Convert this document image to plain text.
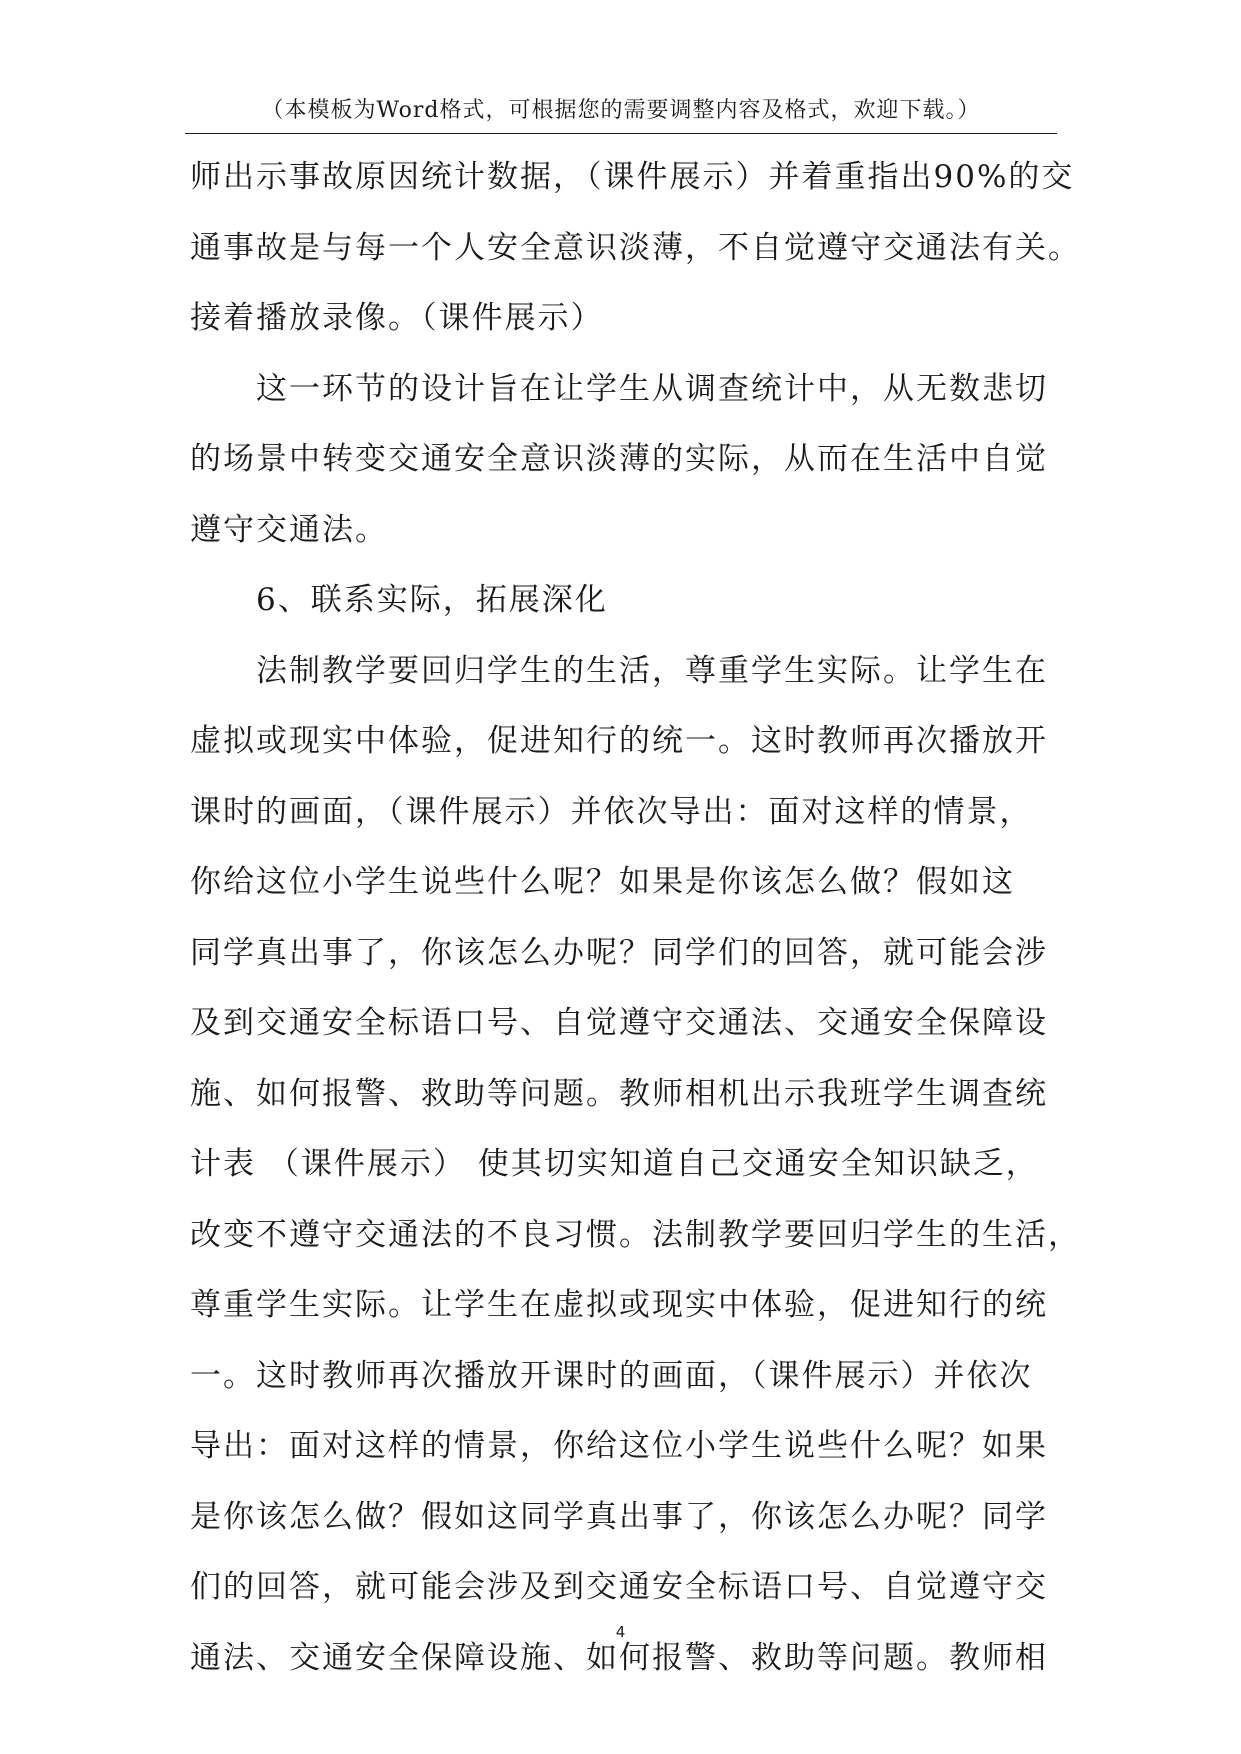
（本模板为Word格式，可根据您的需要调整内容及格式，欢迎下载。）
师出示事故原因统计数据，（课件展示）并着重指出90%的交
通事故是与每一个人安全意识淡薄，不自觉遵守交通法有关。
接着播放录像。（课件展示）
这一环节的设计旨在让学生从调查统计中，从无数悲切
的场景中转变交通安全意识淡薄的实际，从而在生活中自觉
遵守交通法。
6、联系实际，拓展深化
法制教学要回归学生的生活，尊重学生实际。让学生在
虚拟或现实中体验，促进知行的统一。这时教师再次播放开
课时的画面，（课件展示）并依次导出：面对这样的情景，
你给这位小学生说些什么呢？如果是你该怎么做？假如这
同学真出事了，你该怎么办呢？同学们的回答，就可能会涉
及到交通安全标语口号、自觉遵守交通法、交通安全保障设
施、如何报警、救助等问题。教师相机出示我班学生调查统
计表 （课件展示） 使其切实知道自己交通安全知识缺乏，
改变不遵守交通法的不良习惯。法制教学要回归学生的生活，
尊重学生实际。让学生在虚拟或现实中体验，促进知行的统
一。这时教师再次播放开课时的画面，（课件展示）并依次
导出：面对这样的情景，你给这位小学生说些什么呢？如果
是你该怎么做？假如这同学真出事了，你该怎么办呢？同学
们的回答，就可能会涉及到交通安全标语口号、自觉遵守交
通法、交通安全保障设施、如何报警、救助等问题。教师相
4
